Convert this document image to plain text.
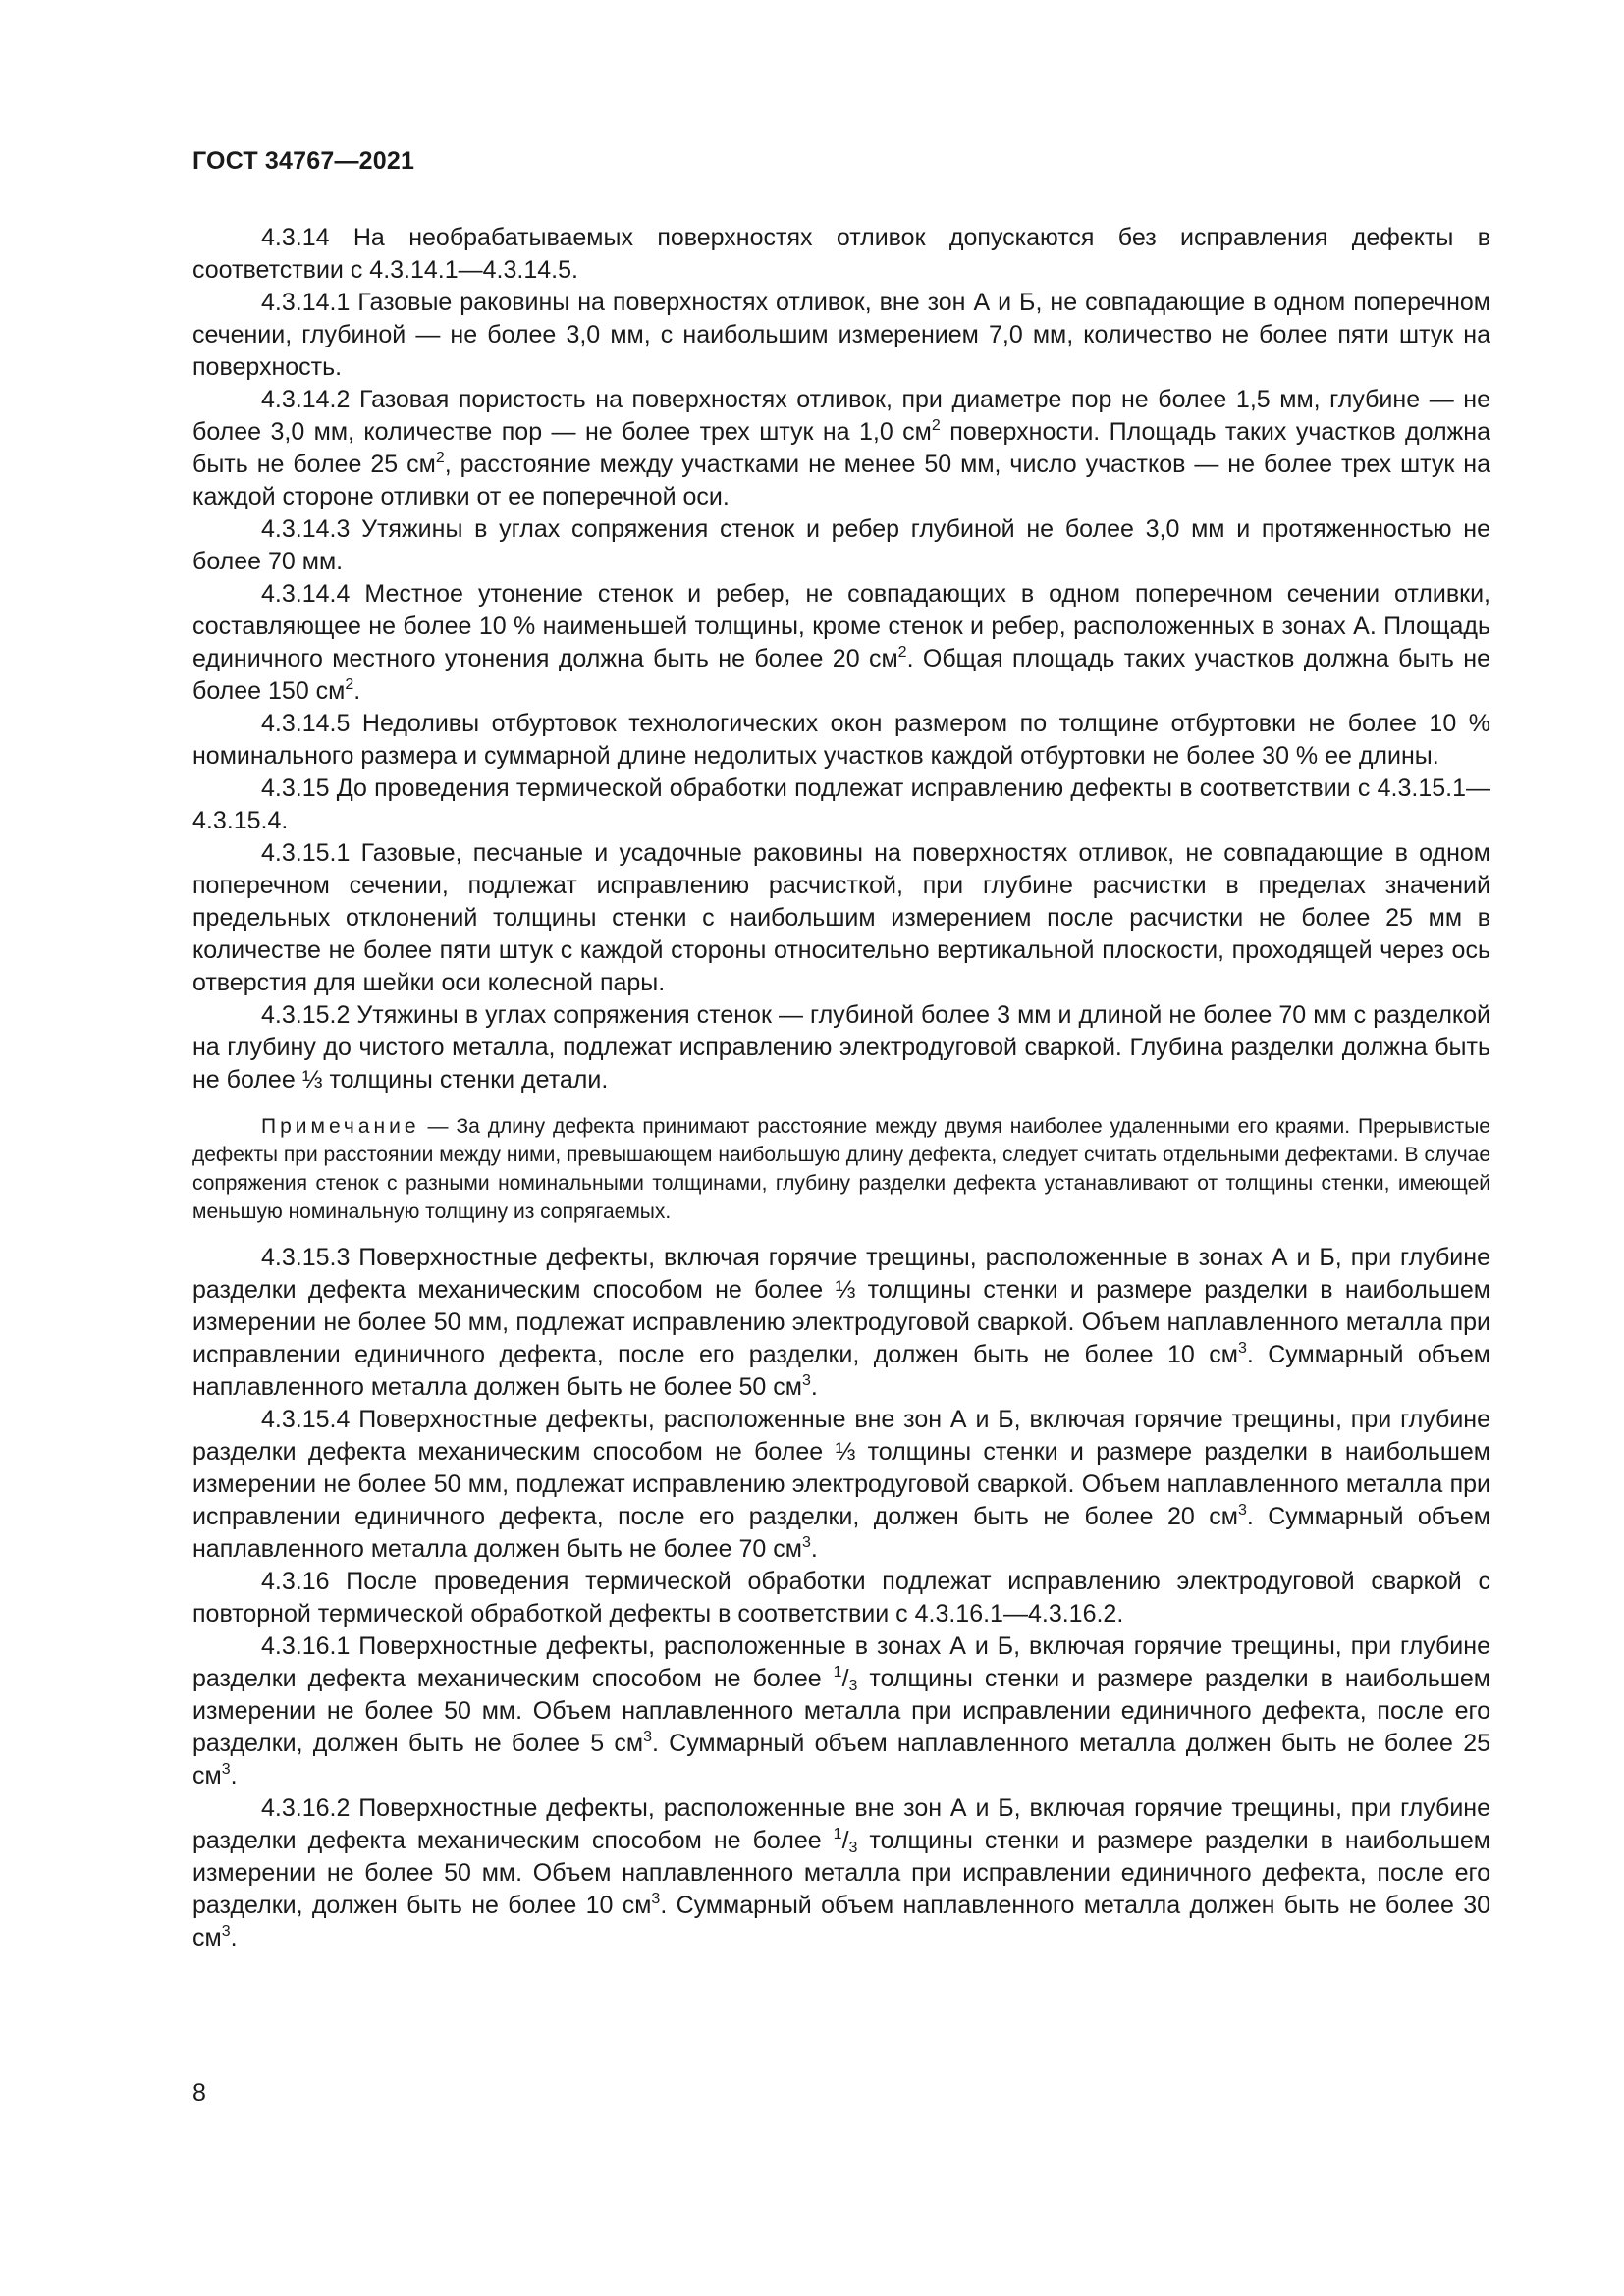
ГОСТ 34767—2021

4.3.14 На необрабатываемых поверхностях отливок допускаются без исправления дефекты в соответствии с 4.3.14.1—4.3.14.5.

4.3.14.1 Газовые раковины на поверхностях отливок, вне зон А и Б, не совпадающие в одном поперечном сечении, глубиной — не более 3,0 мм, с наибольшим измерением 7,0 мм, количество не более пяти штук на поверхность.

4.3.14.2 Газовая пористость на поверхностях отливок, при диаметре пор не более 1,5 мм, глубине — не более 3,0 мм, количестве пор — не более трех штук на 1,0 $см^2$ поверхности. Площадь таких участков должна быть не более 25 $см^2$, расстояние между участками не менее 50 мм, число участков — не более трех штук на каждой стороне отливки от ее поперечной оси.

4.3.14.3 Утяжины в углах сопряжения стенок и ребер глубиной не более 3,0 мм и протяженностью не более 70 мм.

4.3.14.4 Местное утонение стенок и ребер, не совпадающих в одном поперечном сечении отливки, составляющее не более 10 % наименьшей толщины, кроме стенок и ребер, расположенных в зонах А. Площадь единичного местного утонения должна быть не более 20 $см^2$. Общая площадь таких участков должна быть не более 150 $см^2$.

4.3.14.5 Недоливы отбуртовок технологических окон размером по толщине отбуртовки не более 10 % номинального размера и суммарной длине недолитых участков каждой отбуртовки не более 30 % ее длины.

4.3.15 До проведения термической обработки подлежат исправлению дефекты в соответствии с 4.3.15.1—4.3.15.4.

4.3.15.1 Газовые, песчаные и усадочные раковины на поверхностях отливок, не совпадающие в одном поперечном сечении, подлежат исправлению расчисткой, при глубине расчистки в пределах значений предельных отклонений толщины стенки с наибольшим измерением после расчистки не более 25 мм в количестве не более пяти штук с каждой стороны относительно вертикальной плоскости, проходящей через ось отверстия для шейки оси колесной пары.

4.3.15.2 Утяжины в углах сопряжения стенок — глубиной более 3 мм и длиной не более 70 мм с разделкой на глубину до чистого металла, подлежат исправлению электродуговой сваркой. Глубина разделки должна быть не более ⅓ толщины стенки детали.

Примечание — За длину дефекта принимают расстояние между двумя наиболее удаленными его краями. Прерывистые дефекты при расстоянии между ними, превышающем наибольшую длину дефекта, следует считать отдельными дефектами. В случае сопряжения стенок с разными номинальными толщинами, глубину разделки дефекта устанавливают от толщины стенки, имеющей меньшую номинальную толщину из сопрягаемых.

4.3.15.3 Поверхностные дефекты, включая горячие трещины, расположенные в зонах А и Б, при глубине разделки дефекта механическим способом не более ⅓ толщины стенки и размере разделки в наибольшем измерении не более 50 мм, подлежат исправлению электродуговой сваркой. Объем наплавленного металла при исправлении единичного дефекта, после его разделки, должен быть не более 10 $см^3$. Суммарный объем наплавленного металла должен быть не более 50 $см^3$.

4.3.15.4 Поверхностные дефекты, расположенные вне зон А и Б, включая горячие трещины, при глубине разделки дефекта механическим способом не более ⅓ толщины стенки и размере разделки в наибольшем измерении не более 50 мм, подлежат исправлению электродуговой сваркой. Объем наплавленного металла при исправлении единичного дефекта, после его разделки, должен быть не более 20 $см^3$. Суммарный объем наплавленного металла должен быть не более 70 $см^3$.

4.3.16 После проведения термической обработки подлежат исправлению электродуговой сваркой с повторной термической обработкой дефекты в соответствии с 4.3.16.1—4.3.16.2.

4.3.16.1 Поверхностные дефекты, расположенные в зонах А и Б, включая горячие трещины, при глубине разделки дефекта механическим способом не более $^1/_3$ толщины стенки и размере разделки в наибольшем измерении не более 50 мм. Объем наплавленного металла при исправлении единичного дефекта, после его разделки, должен быть не более 5 $см^3$. Суммарный объем наплавленного металла должен быть не более 25 $см^3$.

4.3.16.2 Поверхностные дефекты, расположенные вне зон А и Б, включая горячие трещины, при глубине разделки дефекта механическим способом не более $^1/_3$ толщины стенки и размере разделки в наибольшем измерении не более 50 мм. Объем наплавленного металла при исправлении единичного дефекта, после его разделки, должен быть не более 10 $см^3$. Суммарный объем наплавленного металла должен быть не более 30 $см^3$.

8
